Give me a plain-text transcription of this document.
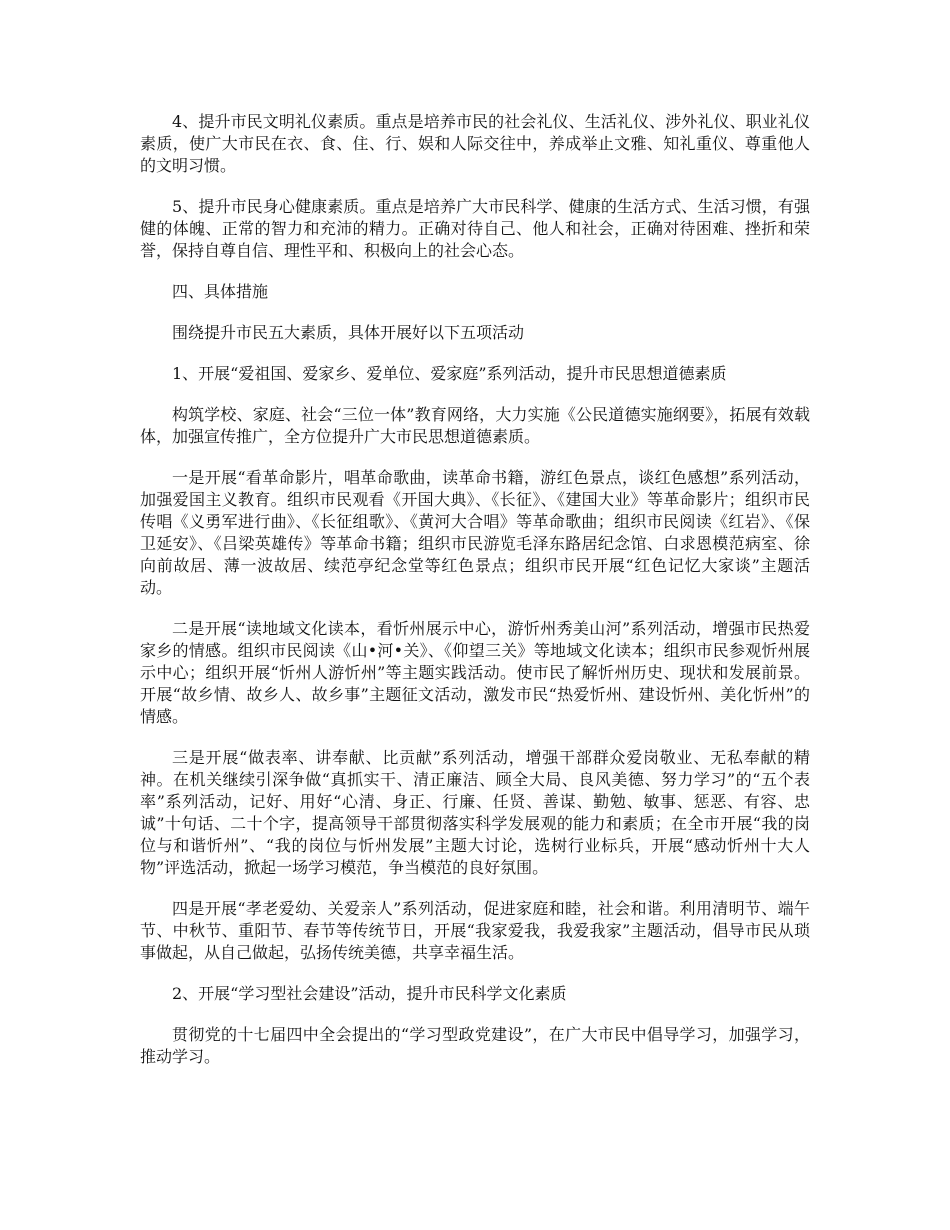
4、提升市民文明礼仪素质。重点是培养市民的社会礼仪、生活礼仪、涉外礼仪、职业礼仪素质，使广大市民在衣、食、住、行、娱和人际交往中，养成举止文雅、知礼重仪、尊重他人的文明习惯。

5、提升市民身心健康素质。重点是培养广大市民科学、健康的生活方式、生活习惯，有强健的体魄、正常的智力和充沛的精力。正确对待自己、他人和社会，正确对待困难、挫折和荣誉，保持自尊自信、理性平和、积极向上的社会心态。

四、具体措施

围绕提升市民五大素质，具体开展好以下五项活动

1、开展“爱祖国、爱家乡、爱单位、爱家庭”系列活动，提升市民思想道德素质

构筑学校、家庭、社会“三位一体”教育网络，大力实施《公民道德实施纲要》，拓展有效载体，加强宣传推广，全方位提升广大市民思想道德素质。

一是开展“看革命影片，唱革命歌曲，读革命书籍，游红色景点，谈红色感想”系列活动，加强爱国主义教育。组织市民观看《开国大典》、《长征》、《建国大业》等革命影片；组织市民传唱《义勇军进行曲》、《长征组歌》、《黄河大合唱》等革命歌曲；组织市民阅读《红岩》、《保卫延安》、《吕梁英雄传》等革命书籍；组织市民游览毛泽东路居纪念馆、白求恩模范病室、徐向前故居、薄一波故居、续范亭纪念堂等红色景点；组织市民开展“红色记忆大家谈”主题活动。

二是开展“读地域文化读本，看忻州展示中心，游忻州秀美山河”系列活动，增强市民热爱家乡的情感。组织市民阅读《山•河•关》、《仰望三关》等地域文化读本；组织市民参观忻州展示中心；组织开展“忻州人游忻州”等主题实践活动。使市民了解忻州历史、现状和发展前景。开展“故乡情、故乡人、故乡事”主题征文活动，激发市民“热爱忻州、建设忻州、美化忻州”的情感。

三是开展“做表率、讲奉献、比贡献”系列活动，增强干部群众爱岗敬业、无私奉献的精神。在机关继续引深争做“真抓实干、清正廉洁、顾全大局、良风美德、努力学习”的“五个表率”系列活动，记好、用好“心清、身正、行廉、任贤、善谋、勤勉、敏事、惩恶、有容、忠诚”十句话、二十个字，提高领导干部贯彻落实科学发展观的能力和素质；在全市开展“我的岗位与和谐忻州”、“我的岗位与忻州发展”主题大讨论，选树行业标兵，开展“感动忻州十大人物”评选活动，掀起一场学习模范，争当模范的良好氛围。

四是开展“孝老爱幼、关爱亲人”系列活动，促进家庭和睦，社会和谐。利用清明节、端午节、中秋节、重阳节、春节等传统节日，开展“我家爱我，我爱我家”主题活动，倡导市民从琐事做起，从自己做起，弘扬传统美德，共享幸福生活。

2、开展“学习型社会建设”活动，提升市民科学文化素质

贯彻党的十七届四中全会提出的“学习型政党建设”，在广大市民中倡导学习，加强学习，推动学习。
